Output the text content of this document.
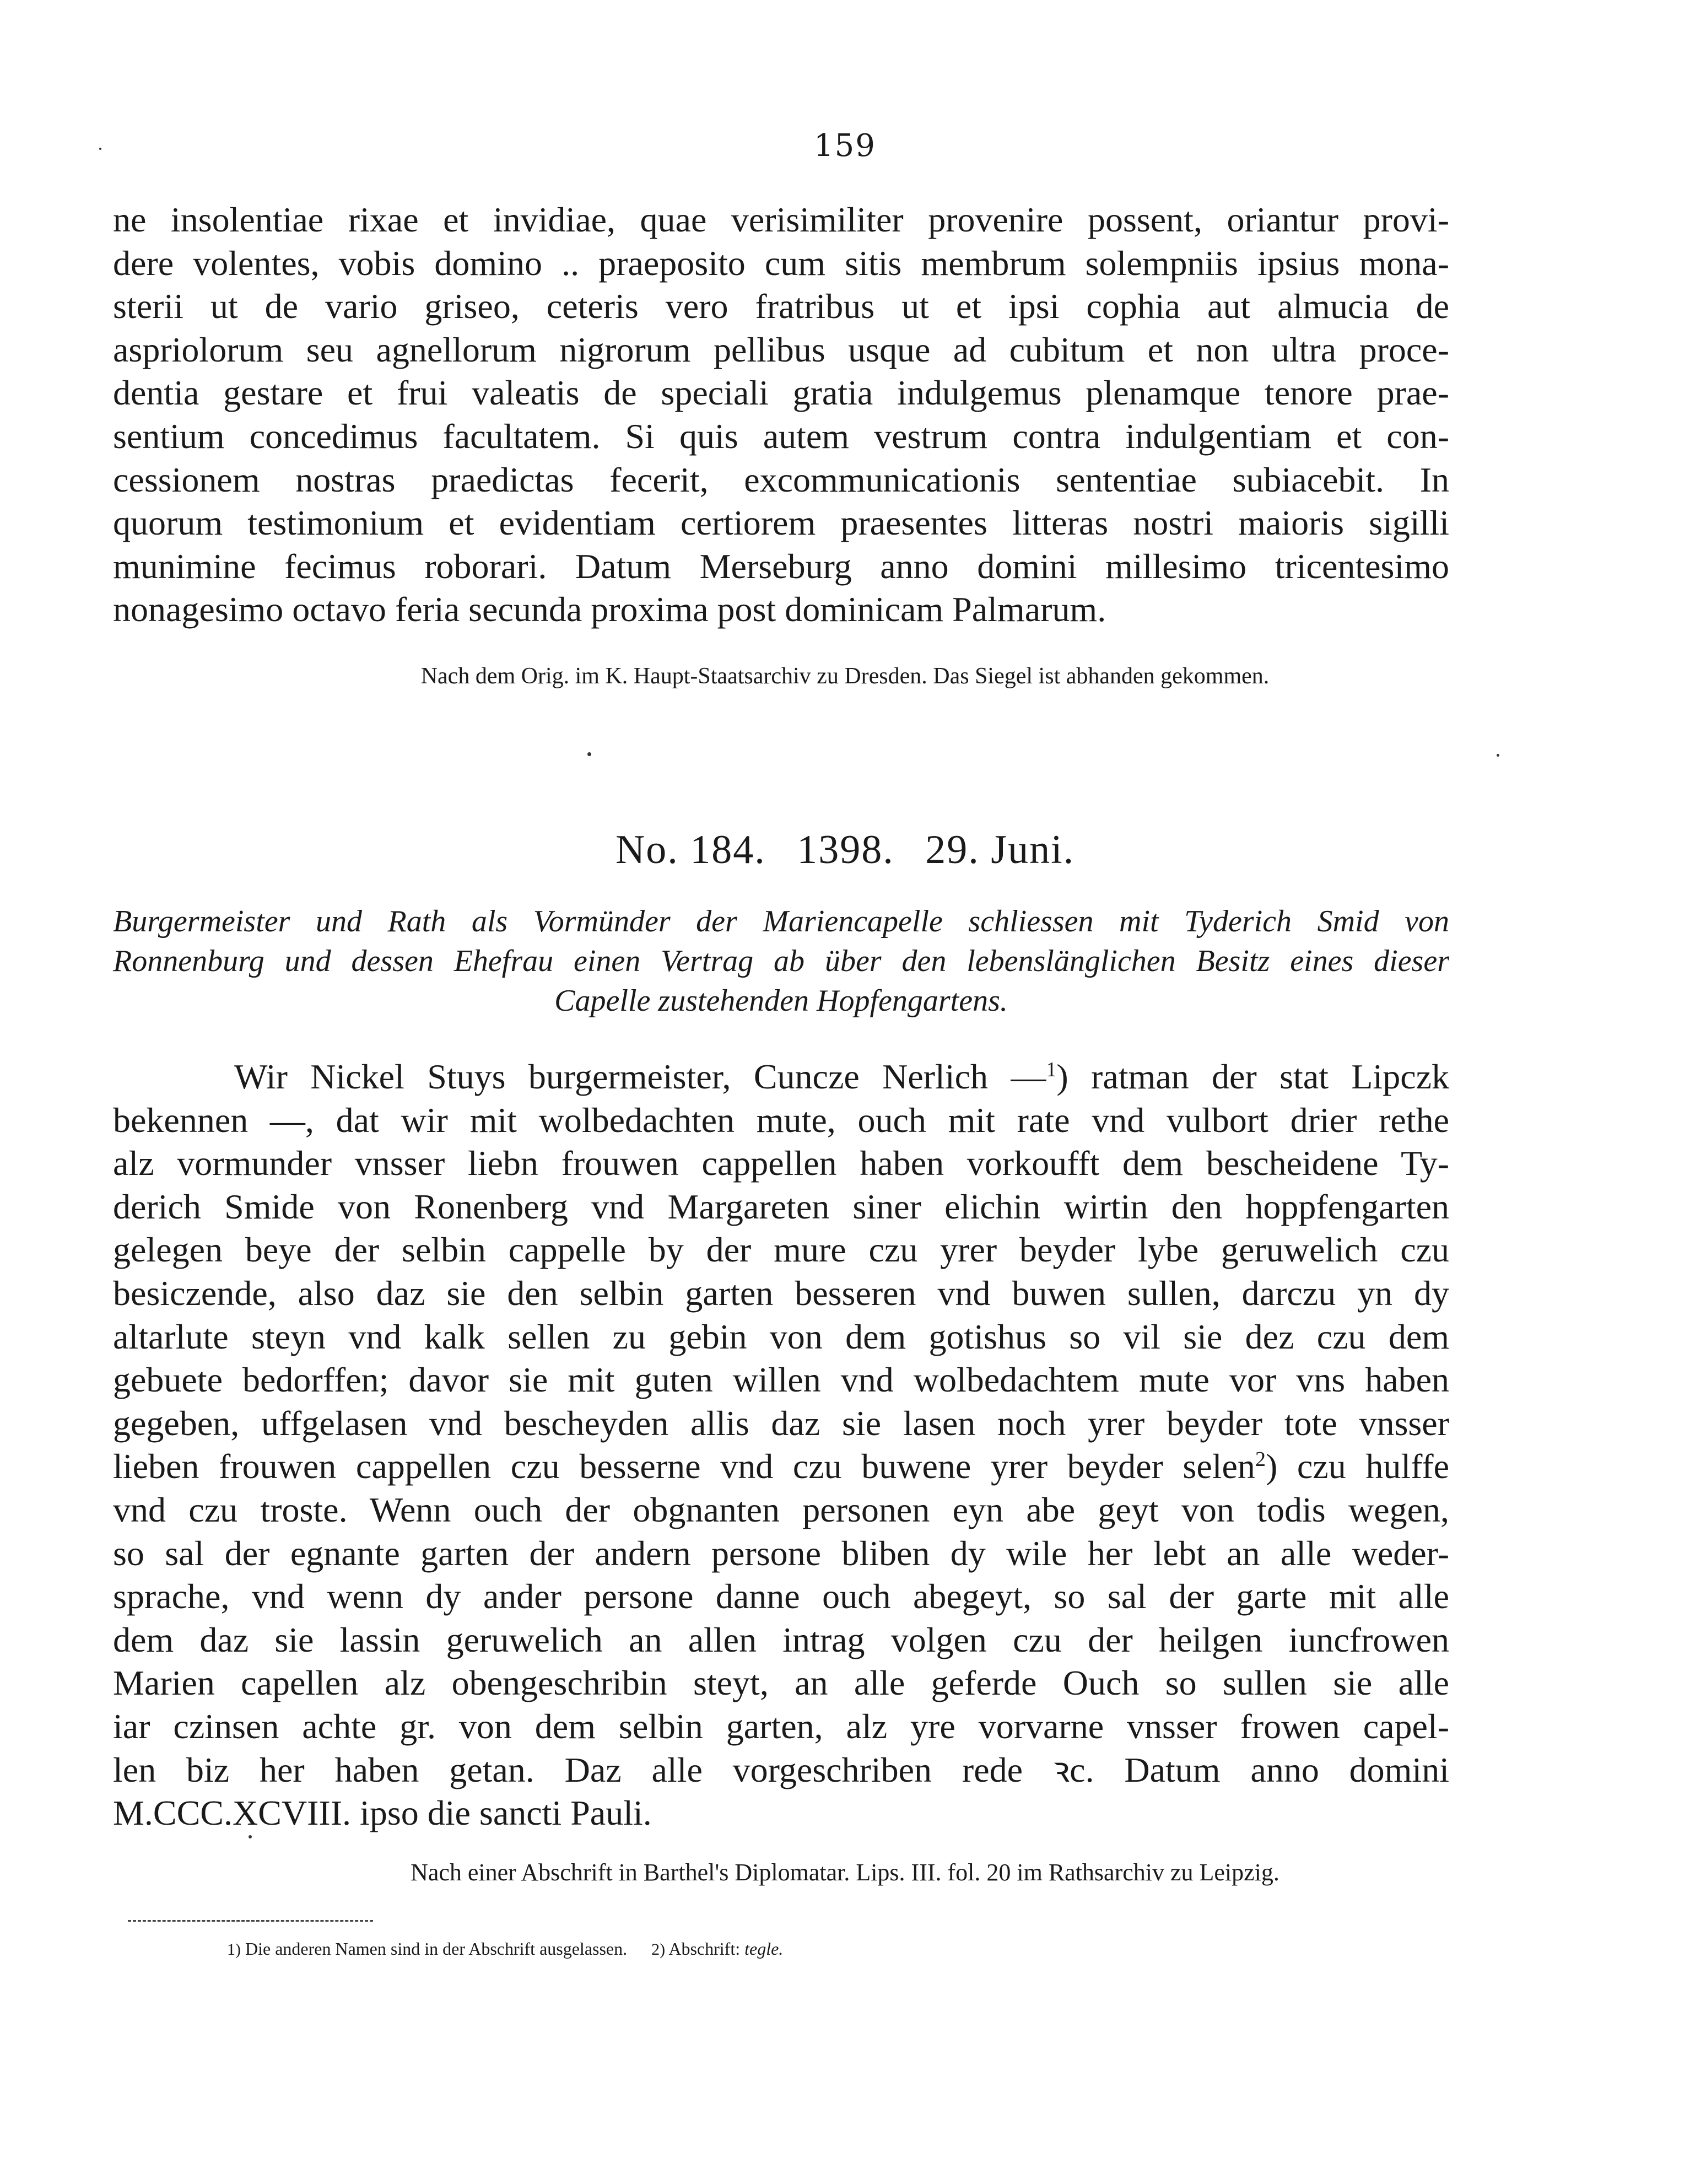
159
ne insolentiae rixae et invidiae, quae verisimiliter provenire possent, oriantur provi-
dere volentes, vobis domino .. praeposito cum sitis membrum solempniis ipsius mona-
sterii ut de vario griseo, ceteris vero fratribus ut et ipsi cophia aut almucia de
aspriolorum seu agnellorum nigrorum pellibus usque ad cubitum et non ultra proce-
dentia gestare et frui valeatis de speciali gratia indulgemus plenamque tenore prae-
sentium concedimus facultatem. Si quis autem vestrum contra indulgentiam et con-
cessionem nostras praedictas fecerit, excommunicationis sententiae subiacebit. In
quorum testimonium et evidentiam certiorem praesentes litteras nostri maioris sigilli
munimine fecimus roborari. Datum Merseburg anno domini millesimo tricentesimo
nonagesimo octavo feria secunda proxima post dominicam Palmarum.
Nach dem Orig. im K. Haupt-Staatsarchiv zu Dresden. Das Siegel ist abhanden gekommen.
No. 184. 1398. 29. Juni.
Burgermeister und Rath als Vormünder der Mariencapelle schliessen mit Tyderich Smid von
Ronnenburg und dessen Ehefrau einen Vertrag ab über den lebenslänglichen Besitz eines dieser
Capelle zustehenden Hopfengartens.
Wir Nickel Stuys burgermeister, Cuncze Nerlich —$^1$) ratman der stat Lipczk
bekennen —, dat wir mit wolbedachten mute, ouch mit rate vnd vulbort drier rethe
alz vormunder vnsser liebn frouwen cappellen haben vorkoufft dem bescheidene Ty-
derich Smide von Ronenberg vnd Margareten siner elichin wirtin den hoppfengarten
gelegen beye der selbin cappelle by der mure czu yrer beyder lybe geruwelich czu
besiczende, also daz sie den selbin garten besseren vnd buwen sullen, darczu yn dy
altarlute steyn vnd kalk sellen zu gebin von dem gotishus so vil sie dez czu dem
gebuete bedorffen; davor sie mit guten willen vnd wolbedachtem mute vor vns haben
gegeben, uffgelasen vnd bescheyden allis daz sie lasen noch yrer beyder tote vnsser
lieben frouwen cappellen czu besserne vnd czu buwene yrer beyder selen$^2$) czu hulffe
vnd czu troste. Wenn ouch der obgnanten personen eyn abe geyt von todis wegen,
so sal der egnante garten der andern persone bliben dy wile her lebt an alle weder-
sprache, vnd wenn dy ander persone danne ouch abegeyt, so sal der garte mit alle
dem daz sie lassin geruwelich an allen intrag volgen czu der heilgen iuncfrowen
Marien capellen alz obengeschribin steyt, an alle geferde Ouch so sullen sie alle
iar czinsen achte gr. von dem selbin garten, alz yre vorvarne vnsser frowen capel-
len biz her haben getan. Daz alle vorgeschriben rede ꝛc. Datum anno domini
M.CCC.XCVIII. ipso die sancti Pauli.
Nach einer Abschrift in Barthel's Diplomatar. Lips. III. fol. 20 im Rathsarchiv zu Leipzig.
1) Die anderen Namen sind in der Abschrift ausgelassen. 2) Abschrift: tegle.
